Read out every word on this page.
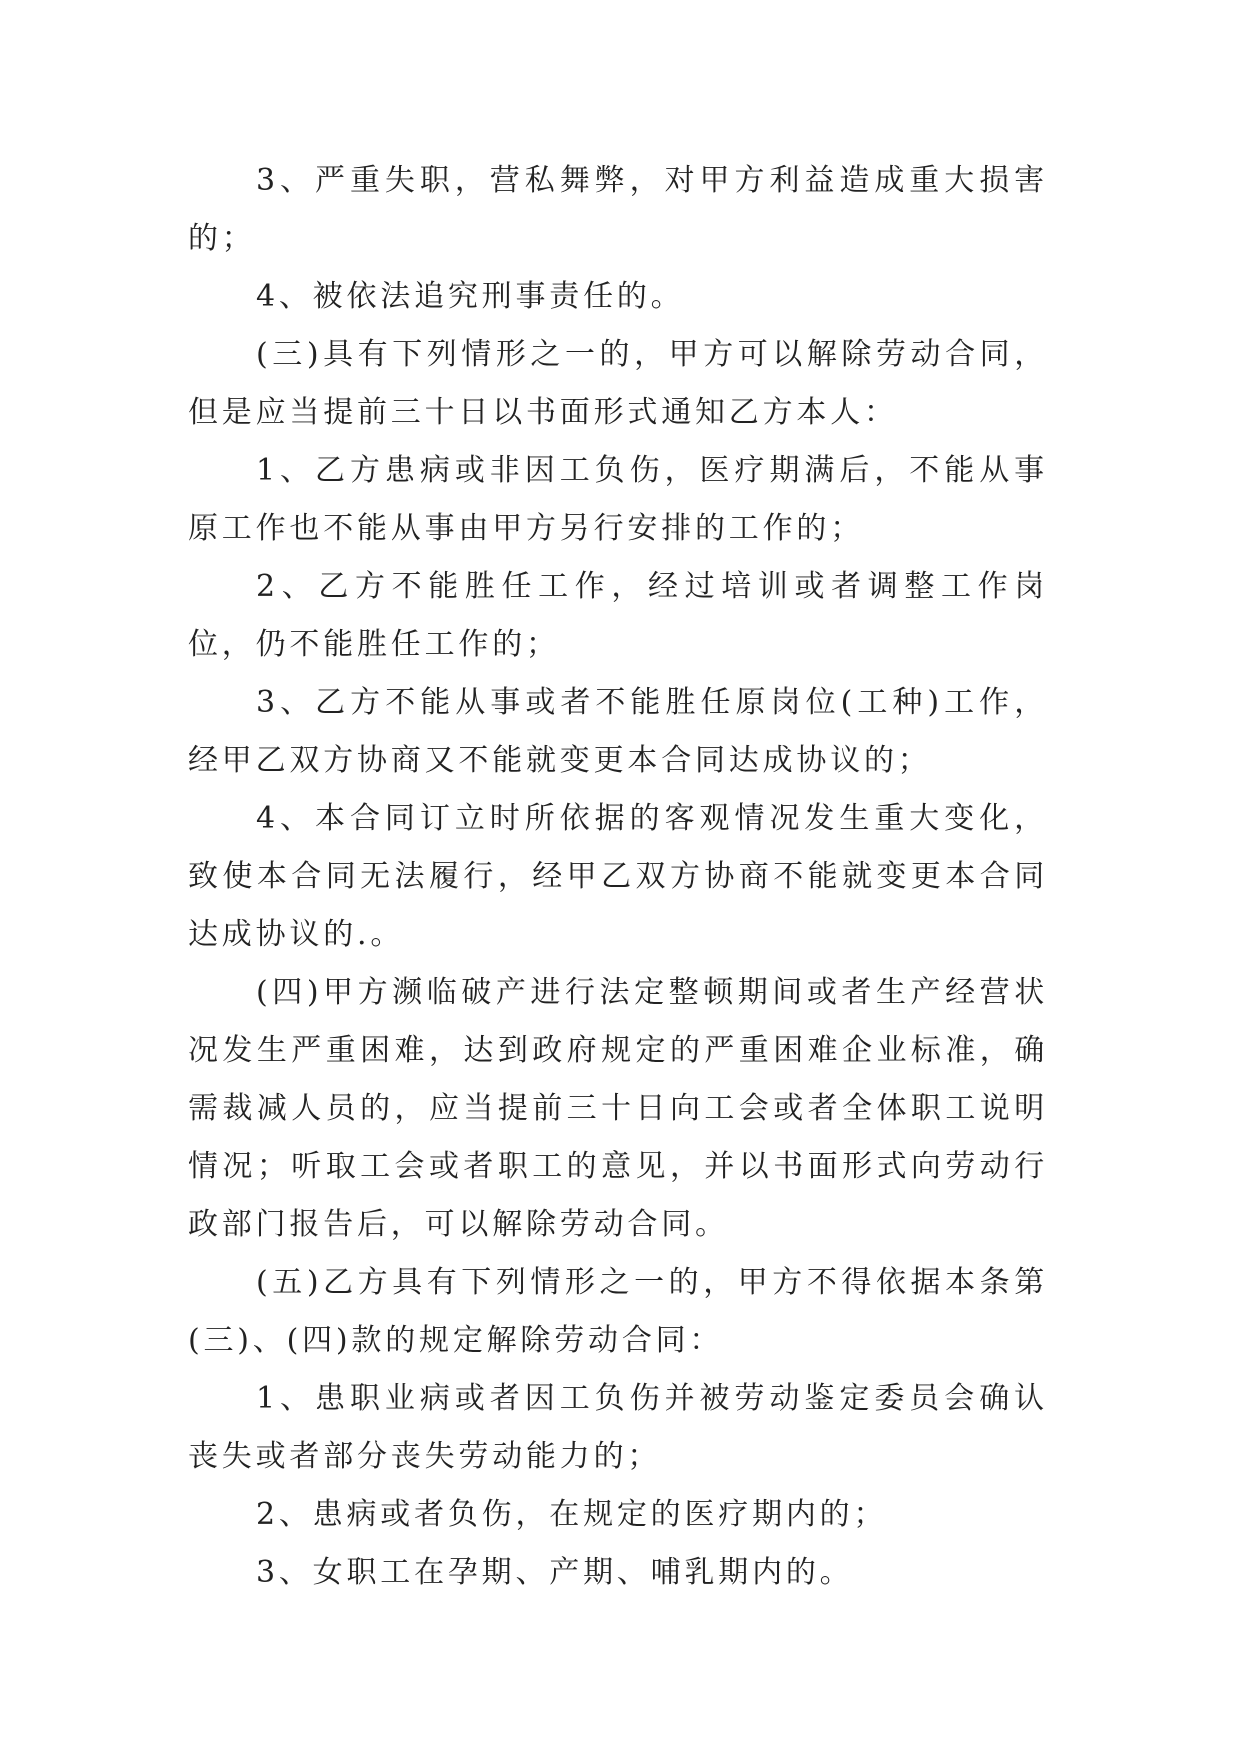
3、严重失职，营私舞弊，对甲方利益造成重大损害的；

4、被依法追究刑事责任的。

(三)具有下列情形之一的，甲方可以解除劳动合同，但是应当提前三十日以书面形式通知乙方本人：

1、乙方患病或非因工负伤，医疗期满后，不能从事原工作也不能从事由甲方另行安排的工作的；

2、乙方不能胜任工作，经过培训或者调整工作岗位，仍不能胜任工作的；

3、乙方不能从事或者不能胜任原岗位(工种)工作，经甲乙双方协商又不能就变更本合同达成协议的；

4、本合同订立时所依据的客观情况发生重大变化，致使本合同无法履行，经甲乙双方协商不能就变更本合同达成协议的.。

(四)甲方濒临破产进行法定整顿期间或者生产经营状况发生严重困难，达到政府规定的严重困难企业标准，确需裁减人员的，应当提前三十日向工会或者全体职工说明情况；听取工会或者职工的意见，并以书面形式向劳动行政部门报告后，可以解除劳动合同。

(五)乙方具有下列情形之一的，甲方不得依据本条第(三)、(四)款的规定解除劳动合同：

1、患职业病或者因工负伤并被劳动鉴定委员会确认丧失或者部分丧失劳动能力的；

2、患病或者负伤，在规定的医疗期内的；

3、女职工在孕期、产期、哺乳期内的。
